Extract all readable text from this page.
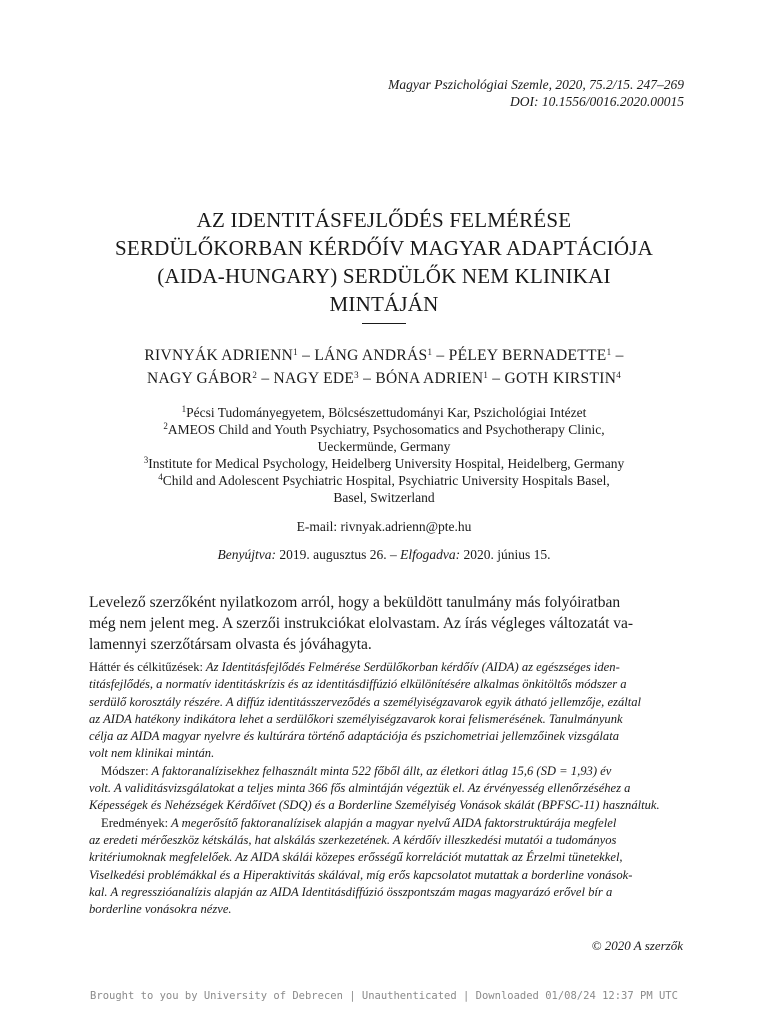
Magyar Pszichológiai Szemle, 2020, 75.2/15. 247–269
DOI: 10.1556/0016.2020.00015
AZ IDENTITÁSFEJLŐDÉS FELMÉRÉSE
SERDÜLŐKORBAN KÉRDŐÍV MAGYAR ADAPTÁCIÓJA
(AIDA-HUNGARY) SERDÜLŐK NEM KLINIKAI
MINTÁJÁN
RIVNYÁK ADRIENN$^1$ – LÁNG ANDRÁS$^1$ – PÉLEY BERNADETTE$^1$ –
NAGY GÁBOR$^2$ – NAGY EDE$^3$ – BÓNA ADRIEN$^1$ – GOTH KIRSTIN$^4$
$^1$Pécsi Tudományegyetem, Bölcsészettudományi Kar, Pszichológiai Intézet
$^2$AMEOS Child and Youth Psychiatry, Psychosomatics and Psychotherapy Clinic,
Ueckermünde, Germany
$^3$Institute for Medical Psychology, Heidelberg University Hospital, Heidelberg, Germany
$^4$Child and Adolescent Psychiatric Hospital, Psychiatric University Hospitals Basel,
Basel, Switzerland
E-mail: rivnyak.adrienn@pte.hu
Benyújtva: 2019. augusztus 26. – Elfogadva: 2020. június 15.
Levelező szerzőként nyilatkozom arról, hogy a beküldött tanulmány más folyóiratban
még nem jelent meg. A szerzői instrukciókat elolvastam. Az írás végleges változatát va-
lamennyi szerzőtársam olvasta és jóváhagyta.
Háttér és célkitűzések: Az Identitásfejlődés Felmérése Serdülőkorban kérdőív (AIDA) az egészséges iden-
titásfejlődés, a normatív identitáskrízis és az identitásdiffúzió elkülönítésére alkalmas önkitöltős módszer a
serdülő korosztály részére. A diffúz identitásszerveződés a személyiségzavarok egyik átható jellemzője, ezáltal
az AIDA hatékony indikátora lehet a serdülőkori személyiségzavarok korai felismerésének. Tanulmányunk
célja az AIDA magyar nyelvre és kultúrára történő adaptációja és pszichometriai jellemzőinek vizsgálata
volt nem klinikai mintán.
Módszer: A faktoranalízisekhez felhasznált minta 522 főből állt, az életkori átlag 15,6 (SD = 1,93) év
volt. A validitásvizsgálatokat a teljes minta 366 fős almintáján végeztük el. Az érvényesség ellenőrzéséhez a
Képességek és Nehézségek Kérdőívet (SDQ) és a Borderline Személyiség Vonások skálát (BPFSC-11) használtuk.
Eredmények: A megerősítő faktoranalízisek alapján a magyar nyelvű AIDA faktorstruktúrája megfelel
az eredeti mérőeszköz kétskálás, hat alskálás szerkezetének. A kérdőív illeszkedési mutatói a tudományos
kritériumoknak megfelelőek. Az AIDA skálái közepes erősségű korrelációt mutattak az Érzelmi tünetekkel,
Viselkedési problémákkal és a Hiperaktivitás skálával, míg erős kapcsolatot mutattak a borderline vonások-
kal. A regresszióanalízis alapján az AIDA Identitásdiffúzió összpontszám magas magyarázó erővel bír a
borderline vonásokra nézve.
© 2020 A szerzők
Brought to you by University of Debrecen | Unauthenticated | Downloaded 01/08/24 12:37 PM UTC
